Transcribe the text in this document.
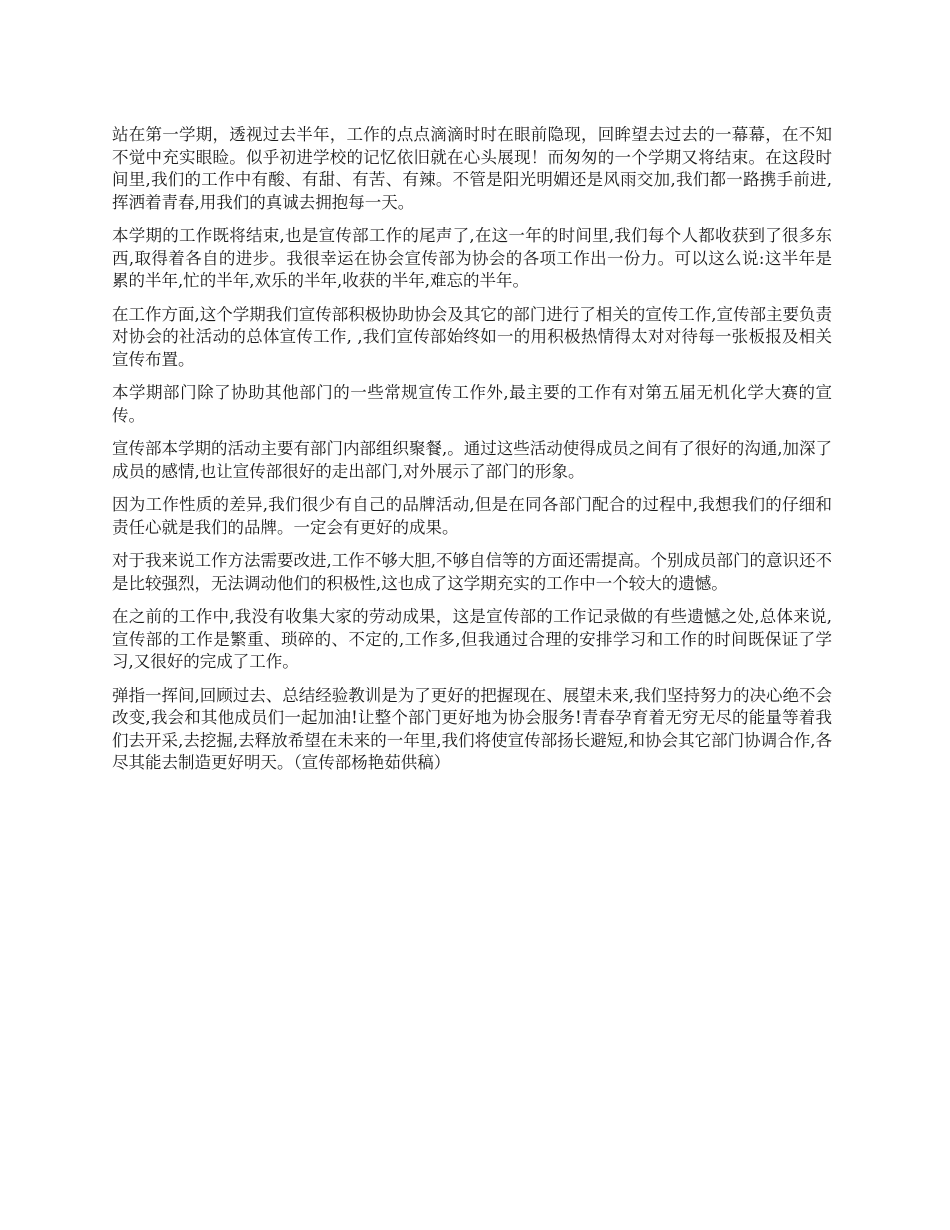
站在第一学期，透视过去半年，工作的点点滴滴时时在眼前隐现，回眸望去过去的一幕幕，在不知不觉中充实眼睑。似乎初进学校的记忆依旧就在心头展现！而匆匆的一个学期又将结束。在这段时间里,我们的工作中有酸、有甜、有苦、有辣。不管是阳光明媚还是风雨交加,我们都一路携手前进,挥洒着青春,用我们的真诚去拥抱每一天。

本学期的工作既将结束,也是宣传部工作的尾声了,在这一年的时间里,我们每个人都收获到了很多东西,取得着各自的进步。我很幸运在协会宣传部为协会的各项工作出一份力。可以这么说:这半年是累的半年,忙的半年,欢乐的半年,收获的半年,难忘的半年。

在工作方面,这个学期我们宣传部积极协助协会及其它的部门进行了相关的宣传工作,宣传部主要负责对协会的社活动的总体宣传工作, ,我们宣传部始终如一的用积极热情得太对对待每一张板报及相关宣传布置。

本学期部门除了协助其他部门的一些常规宣传工作外,最主要的工作有对第五届无机化学大赛的宣传。

宣传部本学期的活动主要有部门内部组织聚餐,。通过这些活动使得成员之间有了很好的沟通,加深了成员的感情,也让宣传部很好的走出部门,对外展示了部门的形象。

因为工作性质的差异,我们很少有自己的品牌活动,但是在同各部门配合的过程中,我想我们的仔细和责任心就是我们的品牌。一定会有更好的成果。

对于我来说工作方法需要改进,工作不够大胆,不够自信等的方面还需提高。个别成员部门的意识还不是比较强烈，无法调动他们的积极性,这也成了这学期充实的工作中一个较大的遗憾。

在之前的工作中,我没有收集大家的劳动成果，这是宣传部的工作记录做的有些遗憾之处,总体来说,宣传部的工作是繁重、琐碎的、不定的,工作多,但我通过合理的安排学习和工作的时间既保证了学习,又很好的完成了工作。

弹指一挥间,回顾过去、总结经验教训是为了更好的把握现在、展望未来,我们坚持努力的决心绝不会改变,我会和其他成员们一起加油!让整个部门更好地为协会服务!青春孕育着无穷无尽的能量等着我们去开采,去挖掘,去释放希望在未来的一年里,我们将使宣传部扬长避短,和协会其它部门协调合作,各尽其能去制造更好明天。（宣传部杨艳茹供稿）
